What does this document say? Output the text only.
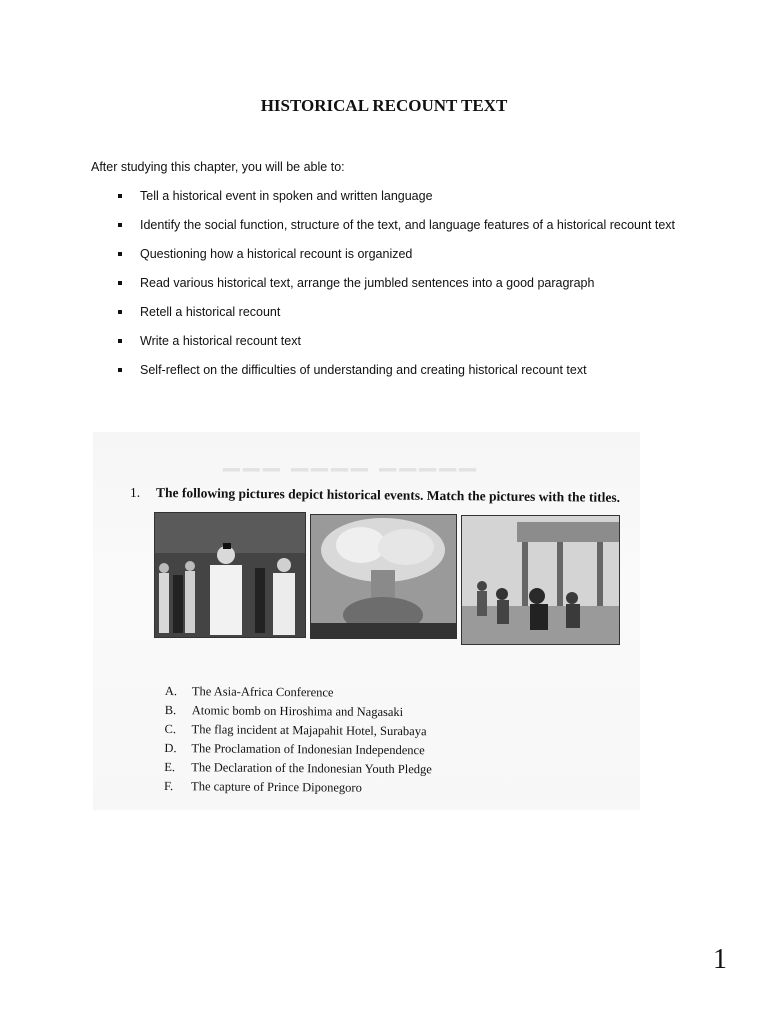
HISTORICAL RECOUNT TEXT
After studying this chapter, you will be able to:
Tell a historical event in spoken and written language
Identify the social function, structure of the text, and language features of a historical recount text
Questioning how a historical recount is organized
Read various historical text, arrange the jumbled sentences into a good paragraph
Retell a historical recount
Write a historical recount text
Self-reflect on the difficulties of understanding and creating historical recount text
▁▁▁ ▁▁▁▁ ▁▁▁▁▁
1. The following pictures depict historical events. Match the pictures with the titles.
A. The Asia-Africa Conference
B. Atomic bomb on Hiroshima and Nagasaki
C. The flag incident at Majapahit Hotel, Surabaya
D. The Proclamation of Indonesian Independence
E. The Declaration of the Indonesian Youth Pledge
F. The capture of Prince Diponegoro
1
